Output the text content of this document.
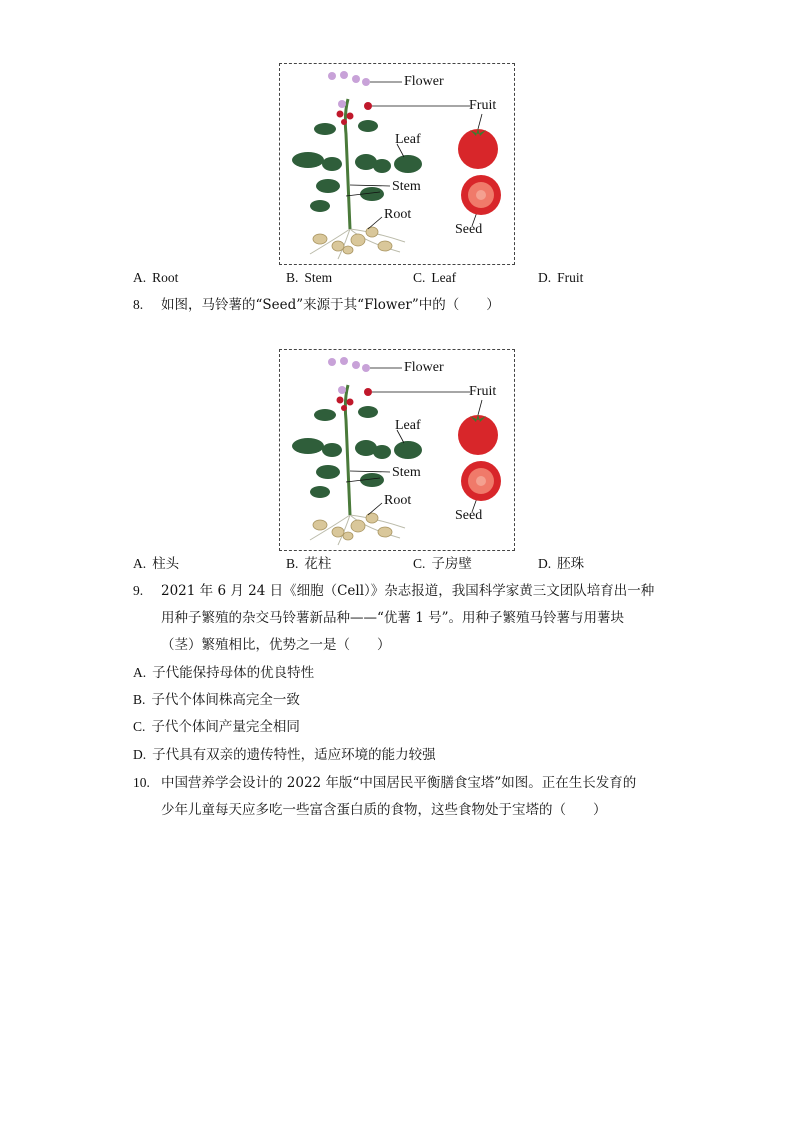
Flower
Fruit
Leaf
Stem
Root
Seed
A. Root	B. Stem	C. Leaf	D. Fruit
8. 如图，马铃薯的“Seed”来源于其“Flower”中的（　　）
Flower
Fruit
Leaf
Stem
Root
Seed
A. 柱头	B. 花柱	C. 子房壁	D. 胚珠
9. 2021 年 6 月 24 日《细胞（Cell）》杂志报道，我国科学家黄三文团队培育出一种
用种子繁殖的杂交马铃薯新品种——“优薯 1 号”。用种子繁殖马铃薯与用薯块
（茎）繁殖相比，优势之一是（　　）
A. 子代能保持母体的优良特性
B. 子代个体间株高完全一致
C. 子代个体间产量完全相同
D. 子代具有双亲的遗传特性，适应环境的能力较强
10. 中国营养学会设计的 2022 年版“中国居民平衡膳食宝塔”如图。正在生长发育的
少年儿童每天应多吃一些富含蛋白质的食物，这些食物处于宝塔的（　　）
